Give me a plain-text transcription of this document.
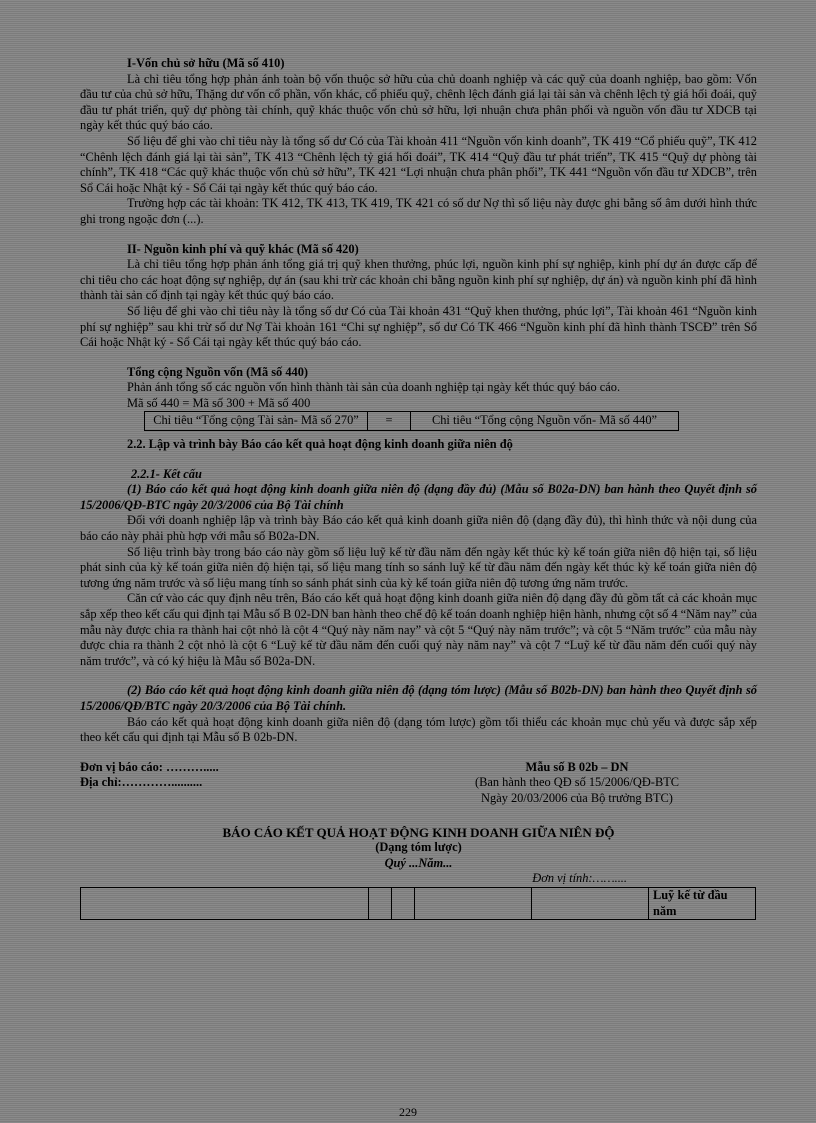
I-Vốn chủ sở hữu (Mã số 410)

Là chỉ tiêu tổng hợp phản ánh toàn bộ vốn thuộc sở hữu của chủ doanh nghiệp và các quỹ của doanh nghiệp, bao gồm: Vốn đầu tư của chủ sở hữu, Thặng dư vốn cổ phần, vốn khác, cổ phiếu quỹ, chênh lệch đánh giá lại tài sản và chênh lệch tỷ giá hối đoái, quỹ đầu tư phát triển, quỹ dự phòng tài chính, quỹ khác thuộc vốn chủ sở hữu, lợi nhuận chưa phân phối và nguồn vốn đầu tư XDCB tại ngày kết thúc quý báo cáo.

Số liệu để ghi vào chỉ tiêu này là tổng số dư Có của Tài khoản 411 “Nguồn vốn kinh doanh”, TK 419 “Cổ phiếu quỹ”, TK 412 “Chênh lệch đánh giá lại tài sản”, TK 413 “Chênh lệch tỷ giá hối đoái”, TK 414 “Quỹ đầu tư phát triển”, TK 415 “Quỹ dự phòng tài chính”, TK 418 “Các quỹ khác thuộc vốn chủ sở hữu”, TK 421 “Lợi nhuận chưa phân phối”, TK 441 “Nguồn vốn đầu tư XDCB”, trên Sổ Cái hoặc Nhật ký - Sổ Cái tại ngày kết thúc quý báo cáo.

Trường hợp các tài khoản: TK 412, TK 413, TK 419, TK 421 có số dư Nợ thì số liệu này được ghi bằng số âm dưới hình thức ghi trong ngoặc đơn (...).

II- Nguồn kinh phí và quỹ khác (Mã số 420)

Là chỉ tiêu tổng hợp phản ánh tổng giá trị quỹ khen thưởng, phúc lợi, nguồn kinh phí sự nghiệp, kinh phí dự án được cấp để chi tiêu cho các hoạt động sự nghiệp, dự án (sau khi trừ các khoản chi bằng nguồn kinh phí sự nghiệp, dự án) và nguồn kinh phí đã hình thành tài sản cố định tại ngày kết thúc quý báo cáo.

Số liệu để ghi vào chỉ tiêu này là tổng số dư Có của Tài khoản 431 “Quỹ khen thưởng, phúc lợi”, Tài khoản 461 “Nguồn kinh phí sự nghiệp” sau khi trừ số dư Nợ Tài khoản 161 “Chi sự nghiệp”, số dư Có TK 466 “Nguồn kinh phí đã hình thành TSCĐ” trên Sổ Cái hoặc Nhật ký - Sổ Cái tại ngày kết thúc quý báo cáo.

Tổng cộng Nguồn vốn (Mã số 440)

Phản ánh tổng số các nguồn vốn hình thành tài sản của doanh nghiệp tại ngày kết thúc quý báo cáo.

Mã số 440 = Mã số 300 + Mã số 400

Chỉ tiêu “Tổng cộng Tài sản- Mã số 270”	=	Chỉ tiêu “Tổng cộng Nguồn vốn- Mã số 440”
2.2. Lập và trình bày Báo cáo kết quả hoạt động kinh doanh giữa niên độ
2.2.1- Kết cấu

(1) Báo cáo kết quả hoạt động kinh doanh giữa niên độ (dạng đầy đủ) (Mẫu số B02a-DN) ban hành theo Quyết định số 15/2006/QĐ-BTC ngày 20/3/2006 của Bộ Tài chính

Đối với doanh nghiệp lập và trình bày Báo cáo kết quả kinh doanh giữa niên độ (dạng đầy đủ), thì hình thức và nội dung của báo cáo này phải phù hợp với mẫu số B02a-DN.

Số liệu trình bày trong báo cáo này gồm số liệu luỹ kế từ đầu năm đến ngày kết thúc kỳ kế toán giữa niên độ hiện tại, số liệu phát sinh của kỳ kế toán giữa niên độ hiện tại, số liệu mang tính so sánh luỹ kế từ đầu năm đến ngày kết thúc kỳ kế toán giữa niên độ tương ứng năm trước và số liệu mang tính so sánh phát sinh của kỳ kế toán giữa niên độ tương ứng năm trước.

Căn cứ vào các quy định nêu trên, Báo cáo kết quả hoạt động kinh doanh giữa niên độ dạng đầy đủ gồm tất cả các khoản mục sắp xếp theo kết cấu qui định tại Mẫu số B 02-DN ban hành theo chế độ kế toán doanh nghiệp hiện hành, nhưng cột số 4 “Năm nay” của mẫu này được chia ra thành hai cột nhỏ là cột 4 “Quý này năm nay” và cột 5 “Quý này năm trước”; và cột 5 “Năm trước” của mẫu này được chia ra thành 2 cột nhỏ là cột 6 “Luỹ kế từ đầu năm đến cuối quý này năm nay” và cột 7 “Luỹ kế từ đầu năm đến cuối quý này năm trước”, và có ký hiệu là Mẫu số B02a-DN.

(2) Báo cáo kết quả hoạt động kinh doanh giữa niên độ (dạng tóm lược) (Mẫu số B02b-DN) ban hành theo Quyết định số 15/2006/QĐ/BTC ngày 20/3/2006 của Bộ Tài chính.

Báo cáo kết quả hoạt động kinh doanh giữa niên độ (dạng tóm lược) gồm tối thiểu các khoản mục chủ yếu và được sắp xếp theo kết cấu qui định tại Mẫu số B 02b-DN.

Đơn vị báo cáo: ……….....
Địa chỉ:…………..........
Mẫu số B 02b – DN
(Ban hành theo QĐ số 15/2006/QĐ-BTC
Ngày 20/03/2006 của Bộ trưởng BTC)
BÁO CÁO KẾT QUẢ HOẠT ĐỘNG KINH DOANH GIỮA NIÊN ĐỘ
(Dạng tóm lược)
Quý ...Năm...
Đơn vị tính:……....
					Luỹ kế từ đầu năm
229
